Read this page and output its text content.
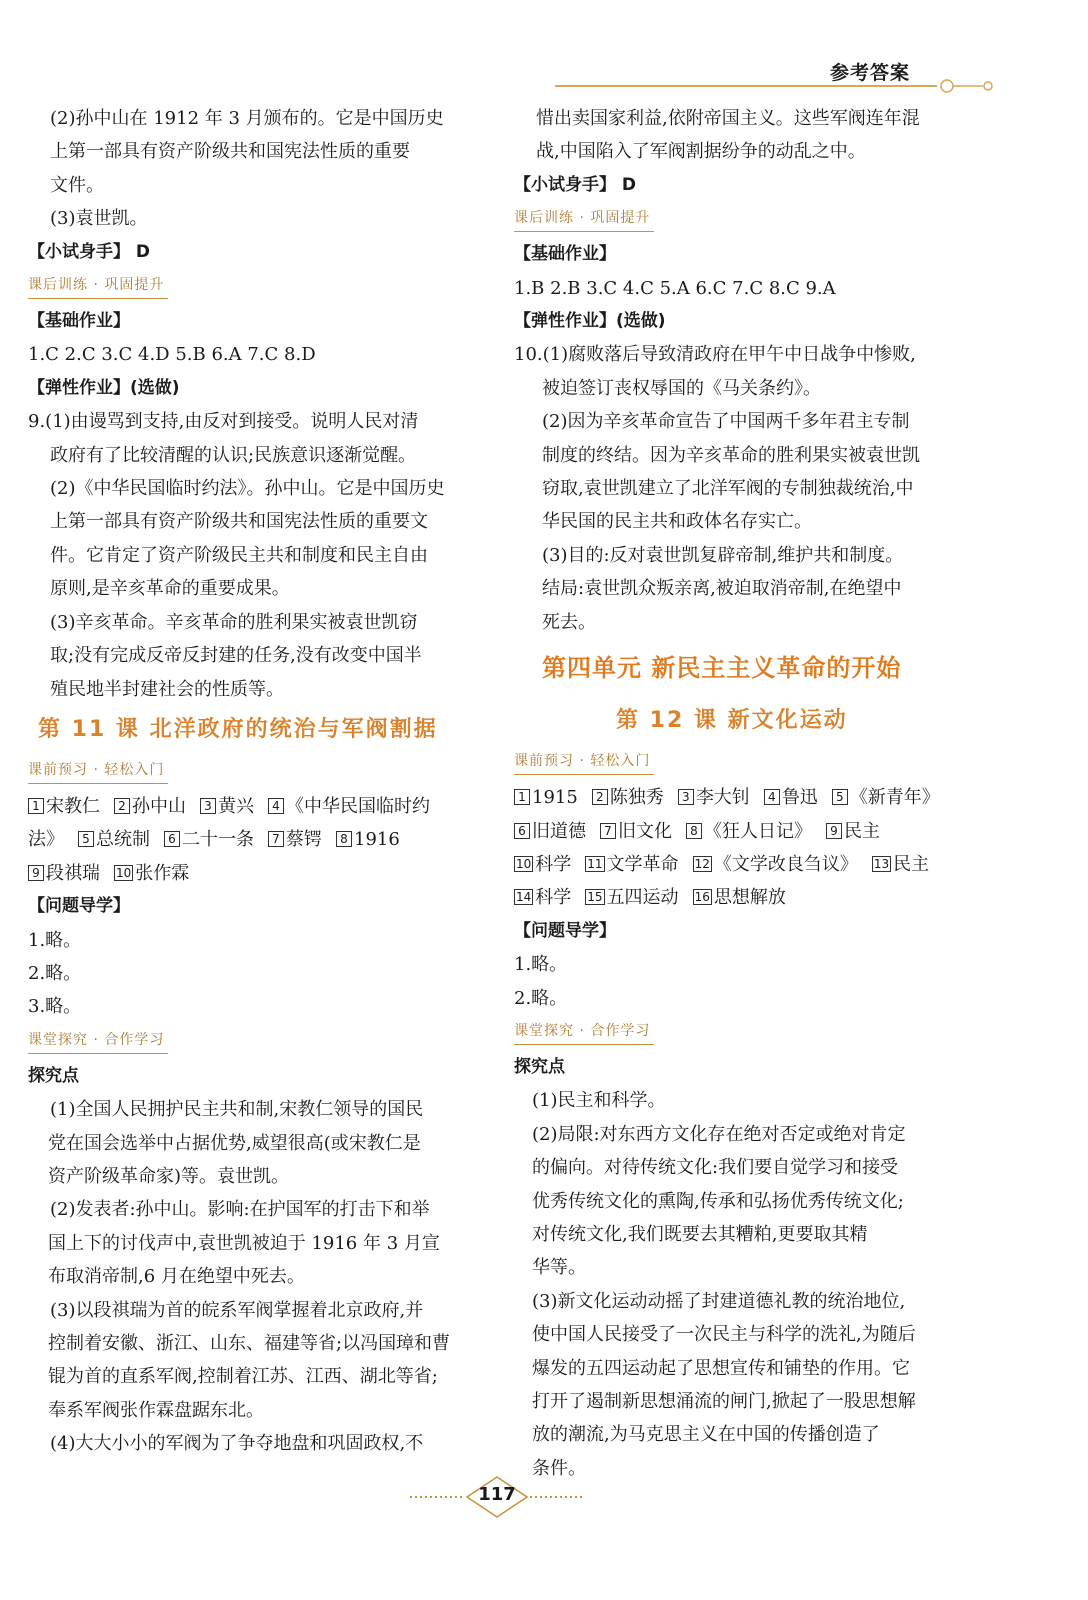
参考答案
(2)孙中山在 1912 年 3 月颁布的。它是中国历史
上第一部具有资产阶级共和国宪法性质的重要
文件。
(3)袁世凯。
【小试身手】 D
课后训练 · 巩固提升
【基础作业】
1.C 2.C 3.C 4.D 5.B 6.A 7.C 8.D
【弹性作业】(选做)
9.(1)由谩骂到支持,由反对到接受。说明人民对清
政府有了比较清醒的认识;民族意识逐渐觉醒。
(2)《中华民国临时约法》。孙中山。它是中国历史
上第一部具有资产阶级共和国宪法性质的重要文
件。它肯定了资产阶级民主共和制度和民主自由
原则,是辛亥革命的重要成果。
(3)辛亥革命。辛亥革命的胜利果实被袁世凯窃
取;没有完成反帝反封建的任务,没有改变中国半
殖民地半封建社会的性质等。
第 11 课 北洋政府的统治与军阀割据
课前预习 · 轻松入门
1 宋教仁	2 孙中山	3 黄兴	4 《中华民国临时约
法》	5 总统制	6 二十一条	7 蔡锷	8 1916
9 段祺瑞 10 张作霖
【问题导学】
1.略。
2.略。
3.略。
课堂探究 · 合作学习
探究点
(1)全国人民拥护民主共和制,宋教仁领导的国民
党在国会选举中占据优势,威望很高(或宋教仁是
资产阶级革命家)等。袁世凯。
(2)发表者:孙中山。影响:在护国军的打击下和举
国上下的讨伐声中,袁世凯被迫于 1916 年 3 月宣
布取消帝制,6 月在绝望中死去。
(3)以段祺瑞为首的皖系军阀掌握着北京政府,并
控制着安徽、浙江、山东、福建等省;以冯国璋和曹
锟为首的直系军阀,控制着江苏、江西、湖北等省;
奉系军阀张作霖盘踞东北。
(4)大大小小的军阀为了争夺地盘和巩固政权,不
惜出卖国家利益,依附帝国主义。这些军阀连年混
战,中国陷入了军阀割据纷争的动乱之中。
【小试身手】 D
课后训练 · 巩固提升
【基础作业】
1.B 2.B 3.C 4.C 5.A 6.C 7.C 8.C 9.A
【弹性作业】(选做)
10.(1)腐败落后导致清政府在甲午中日战争中惨败,
被迫签订丧权辱国的《马关条约》。
(2)因为辛亥革命宣告了中国两千多年君主专制
制度的终结。因为辛亥革命的胜利果实被袁世凯
窃取,袁世凯建立了北洋军阀的专制独裁统治,中
华民国的民主共和政体名存实亡。
(3)目的:反对袁世凯复辟帝制,维护共和制度。
结局:袁世凯众叛亲离,被迫取消帝制,在绝望中
死去。
第四单元 新民主主义革命的开始
第 12 课 新文化运动
课前预习 · 轻松入门
1 1915	2 陈独秀	3 李大钊	4 鲁迅	5 《新青年》
6 旧道德	7 旧文化	8 《狂人日记》	9 民主
10 科学 11 文学革命 12 《文学改良刍议》 13 民主
14 科学 15 五四运动 16 思想解放
【问题导学】
1.略。
2.略。
课堂探究 · 合作学习
探究点
(1)民主和科学。
(2)局限:对东西方文化存在绝对否定或绝对肯定
的偏向。对待传统文化:我们要自觉学习和接受
优秀传统文化的熏陶,传承和弘扬优秀传统文化;
对传统文化,我们既要去其糟粕,更要取其精
华等。
(3)新文化运动动摇了封建道德礼教的统治地位,
使中国人民接受了一次民主与科学的洗礼,为随后
爆发的五四运动起了思想宣传和铺垫的作用。它
打开了遏制新思想涌流的闸门,掀起了一股思想解
放的潮流,为马克思主义在中国的传播创造了
条件。
117
